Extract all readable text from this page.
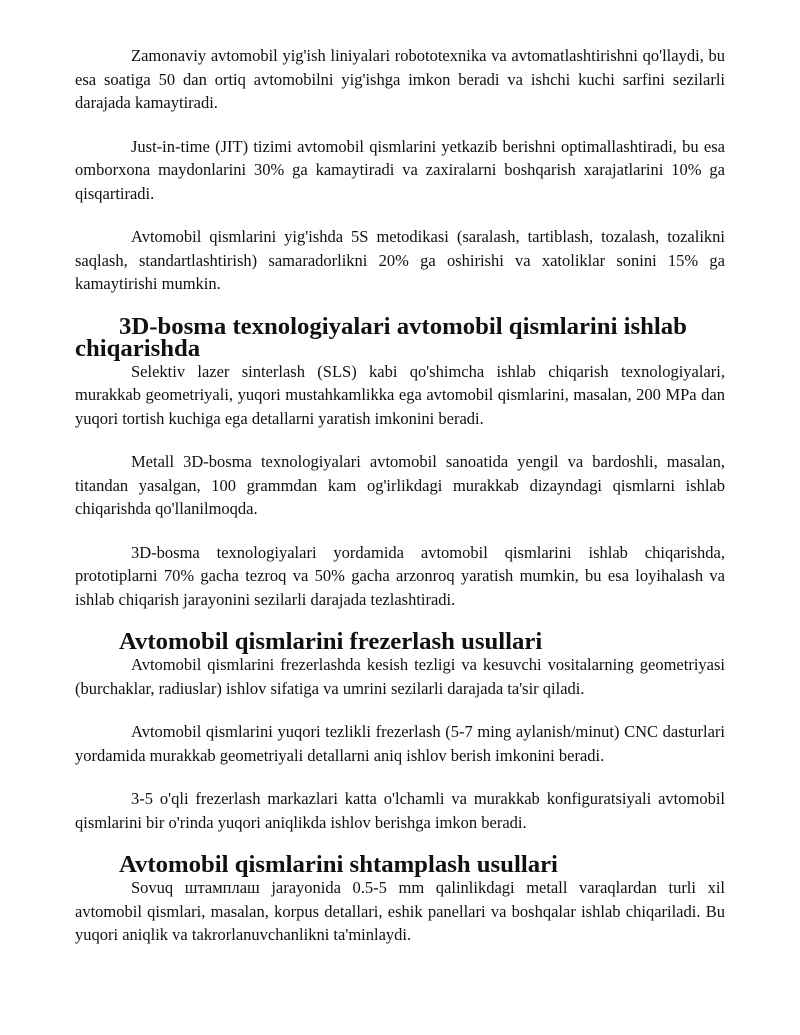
Zamonaviy avtomobil yig'ish liniyalari robototexnika va avtomatlashtirishni qo'llaydi, bu esa soatiga 50 dan ortiq avtomobilni yig'ishga imkon beradi va ishchi kuchi sarfini sezilarli darajada kamaytiradi.

Just-in-time (JIT) tizimi avtomobil qismlarini yetkazib berishni optimallashtiradi, bu esa omborxona maydonlarini 30% ga kamaytiradi va zaxiralarni boshqarish xarajatlarini 10% ga qisqartiradi.

Avtomobil qismlarini yig'ishda 5S metodikasi (saralash, tartiblash, tozalash, tozalikni saqlash, standartlashtirish) samaradorlikni 20% ga oshirishi va xatoliklar sonini 15% ga kamaytirishi mumkin.

3D-bosma texnologiyalari avtomobil qismlarini ishlab chiqarishda

Selektiv lazer sinterlash (SLS) kabi qo'shimcha ishlab chiqarish texnologiyalari, murakkab geometriyali, yuqori mustahkamlikka ega avtomobil qismlarini, masalan, 200 MPa dan yuqori tortish kuchiga ega detallarni yaratish imkonini beradi.

Metall 3D-bosma texnologiyalari avtomobil sanoatida yengil va bardoshli, masalan, titandan yasalgan, 100 grammdan kam og'irlikdagi murakkab dizayndagi qismlarni ishlab chiqarishda qo'llanilmoqda.

3D-bosma texnologiyalari yordamida avtomobil qismlarini ishlab chiqarishda, prototiplarni 70% gacha tezroq va 50% gacha arzonroq yaratish mumkin, bu esa loyihalash va ishlab chiqarish jarayonini sezilarli darajada tezlashtiradi.

Avtomobil qismlarini frezerlash usullari

Avtomobil qismlarini frezerlashda kesish tezligi va kesuvchi vositalarning geometriyasi (burchaklar, radiuslar) ishlov sifatiga va umrini sezilarli darajada ta'sir qiladi.

Avtomobil qismlarini yuqori tezlikli frezerlash (5-7 ming aylanish/minut) CNC dasturlari yordamida murakkab geometriyali detallarni aniq ishlov berish imkonini beradi.

3-5 o'qli frezerlash markazlari katta o'lchamli va murakkab konfiguratsiyali avtomobil qismlarini bir o'rinda yuqori aniqlikda ishlov berishga imkon beradi.

Avtomobil qismlarini shtamplash usullari

Sovuq штамплаш jarayonida 0.5-5 mm qalinlikdagi metall varaqlardan turli xil avtomobil qismlari, masalan, korpus detallari, eshik panellari va boshqalar ishlab chiqariladi. Bu yuqori aniqlik va takrorlanuvchanlikni ta'minlaydi.
